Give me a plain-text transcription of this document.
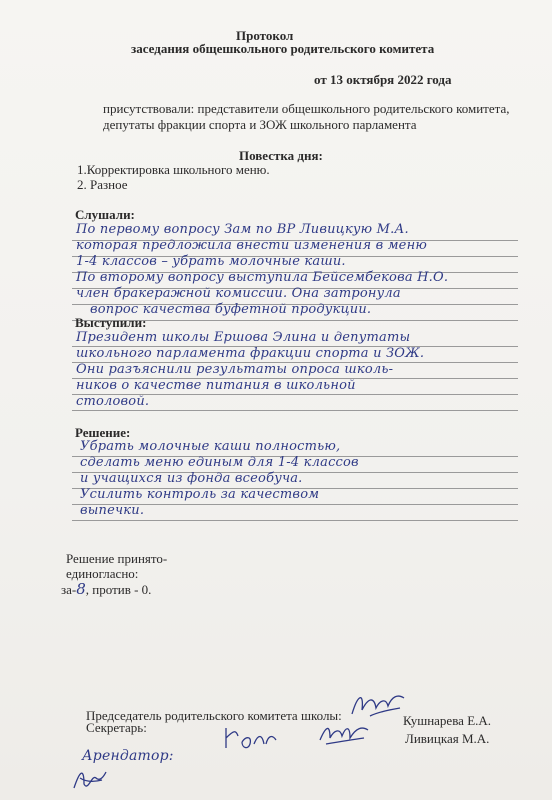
Протокол
заседания общешкольного родительского комитета
от 13 октября 2022 года
присутствовали: представители общешкольного родительского комитета,
депутаты фракции спорта и ЗОЖ школьного парламента
Повестка дня:
1.Корректировка школьного меню.
2. Разное
Слушали:
По первому вопросу Зам по ВР Ливицкую М.А.
которая предложила внести изменения в меню
1-4 классов – убрать молочные каши.
По второму вопросу выступила Бейсембекова Н.О.
член бракеражной комиссии. Она затронула
вопрос качества буфетной продукции.
Выступили:
Президент школы Ершова Элина и депутаты
школьного парламента фракции спорта и ЗОЖ.
Они разъяснили результаты опроса школь-
ников о качестве питания в школьной
столовой.
Решение:
Убрать молочные каши полностью,
сделать меню единым для 1-4 классов
и учащихся из фонда всеобуча.
Усилить контроль за качеством
выпечки.
Решение принято-
единогласно:
за-8, против - 0.
Председатель родительского комитета школы:
Секретарь:	Кушнарева Е.А.
Ливицкая М.А.
Арендатор:
